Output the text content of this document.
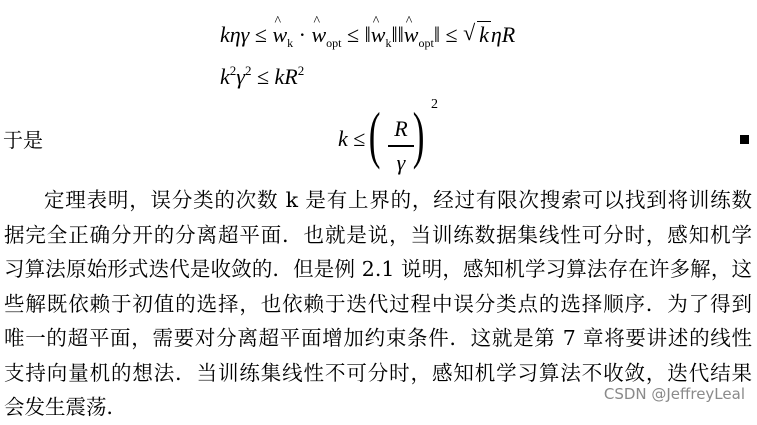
kηγ ≤ ^ $w_k$ · ^ $w_{opt}$ ≤ ‖^ $w_k‖‖\^{}$ $w_{opt}‖$ ≤ √ kηR
$k^2\gamma^2 \le kR^2$
于是	k ≤ ( R
γ ) 2
定理表明，误分类的次数 k 是有上界的，经过有限次搜索可以找到将训练数
据完全正确分开的分离超平面．也就是说，当训练数据集线性可分时，感知机学
习算法原始形式迭代是收敛的．但是例 2.1 说明，感知机学习算法存在许多解，这
些解既依赖于初值的选择，也依赖于迭代过程中误分类点的选择顺序．为了得到
唯一的超平面，需要对分离超平面增加约束条件．这就是第 7 章将要讲述的线性
支持向量机的想法．当训练集线性不可分时，感知机学习算法不收敛，迭代结果
会发生震荡．
CSDN @JeffreyLeal
